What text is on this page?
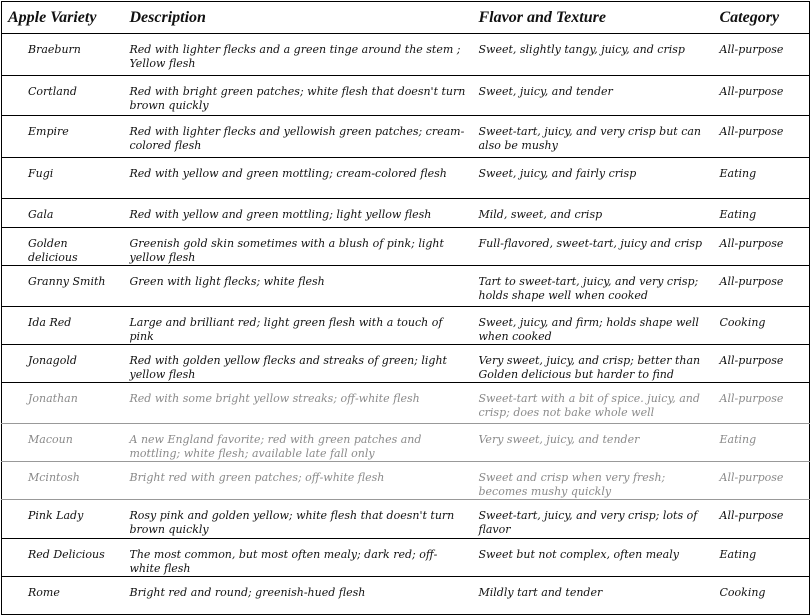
Apple Variety	Description	Flavor and Texture	Category
Braeburn	Red with lighter flecks and a green tinge around the stem ; Yellow flesh	Sweet, slightly tangy, juicy, and crisp	All-purpose
Cortland	Red with bright green patches; white flesh that doesn't turn brown quickly	Sweet, juicy, and tender	All-purpose
Empire	Red with lighter flecks and yellowish green patches; cream-colored flesh	Sweet-tart, juicy, and very crisp but can also be mushy	All-purpose
Fugi	Red with yellow and green mottling; cream-colored flesh	Sweet, juicy, and fairly crisp	Eating
Gala	Red with yellow and green mottling; light yellow flesh	Mild, sweet, and crisp	Eating
Golden delicious	Greenish gold skin sometimes with a blush of pink; light yellow flesh	Full-flavored, sweet-tart, juicy and crisp	All-purpose
Granny Smith	Green with light flecks; white flesh	Tart to sweet-tart, juicy, and very crisp; holds shape well when cooked	All-purpose
Ida Red	Large and brilliant red; light green flesh with a touch of pink	Sweet, juicy, and firm; holds shape well when cooked	Cooking
Jonagold	Red with golden yellow flecks and streaks of green; light yellow flesh	Very sweet, juicy, and crisp; better than Golden delicious but harder to find	All-purpose
Jonathan	Red with some bright yellow streaks; off-white flesh	Sweet-tart with a bit of spice. juicy, and crisp; does not bake whole well	All-purpose
Macoun	A new England favorite; red with green patches and mottling; white flesh; available late fall only	Very sweet, juicy, and tender	Eating
Mcintosh	Bright red with green patches; off-white flesh	Sweet and crisp when very fresh; becomes mushy quickly	All-purpose
Pink Lady	Rosy pink and golden yellow; white flesh that doesn't turn brown quickly	Sweet-tart, juicy, and very crisp; lots of flavor	All-purpose
Red Delicious	The most common, but most often mealy; dark red; off-white flesh	Sweet but not complex, often mealy	Eating
Rome	Bright red and round; greenish-hued flesh	Mildly tart and tender	Cooking
